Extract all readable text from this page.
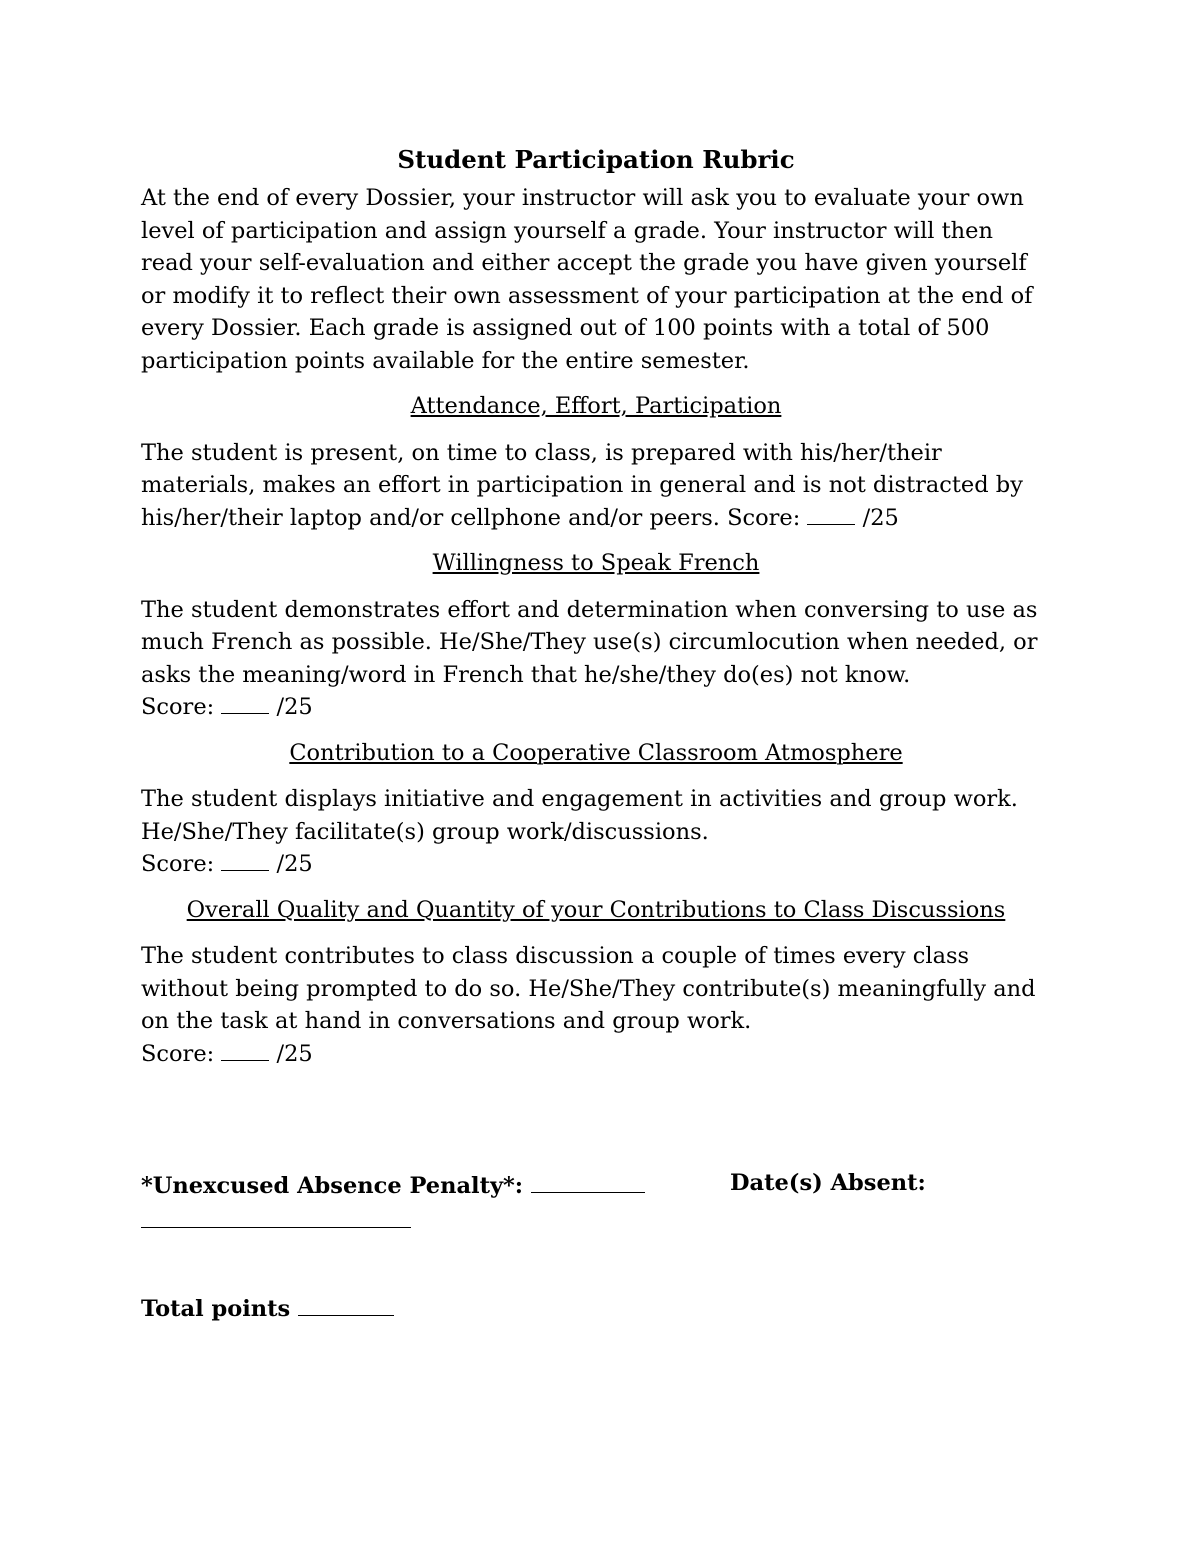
Student Participation Rubric

At the end of every Dossier, your instructor will ask you to evaluate your own level of participation and assign yourself a grade. Your instructor will then read your self-evaluation and either accept the grade you have given yourself or modify it to reflect their own assessment of your participation at the end of every Dossier. Each grade is assigned out of 100 points with a total of 500 participation points available for the entire semester.

Attendance, Effort, Participation

The student is present, on time to class, is prepared with his/her/their materials, makes an effort in participation in general and is not distracted by his/her/their laptop and/or cellphone and/or peers. Score:  /25

Willingness to Speak French

The student demonstrates effort and determination when conversing to use as much French as possible. He/She/They use(s) circumlocution when needed, or asks the meaning/word in French that he/she/they do(es) not know.

Score:  /25

Contribution to a Cooperative Classroom Atmosphere

The student displays initiative and engagement in activities and group work. He/She/They facilitate(s) group work/discussions.

Score:  /25

Overall Quality and Quantity of your Contributions to Class Discussions

The student contributes to class discussion a couple of times every class without being prompted to do so. He/She/They contribute(s) meaningfully and on the task at hand in conversations and group work.

Score:  /25

*Unexcused Absence Penalty*:	Date(s) Absent:
Total points
